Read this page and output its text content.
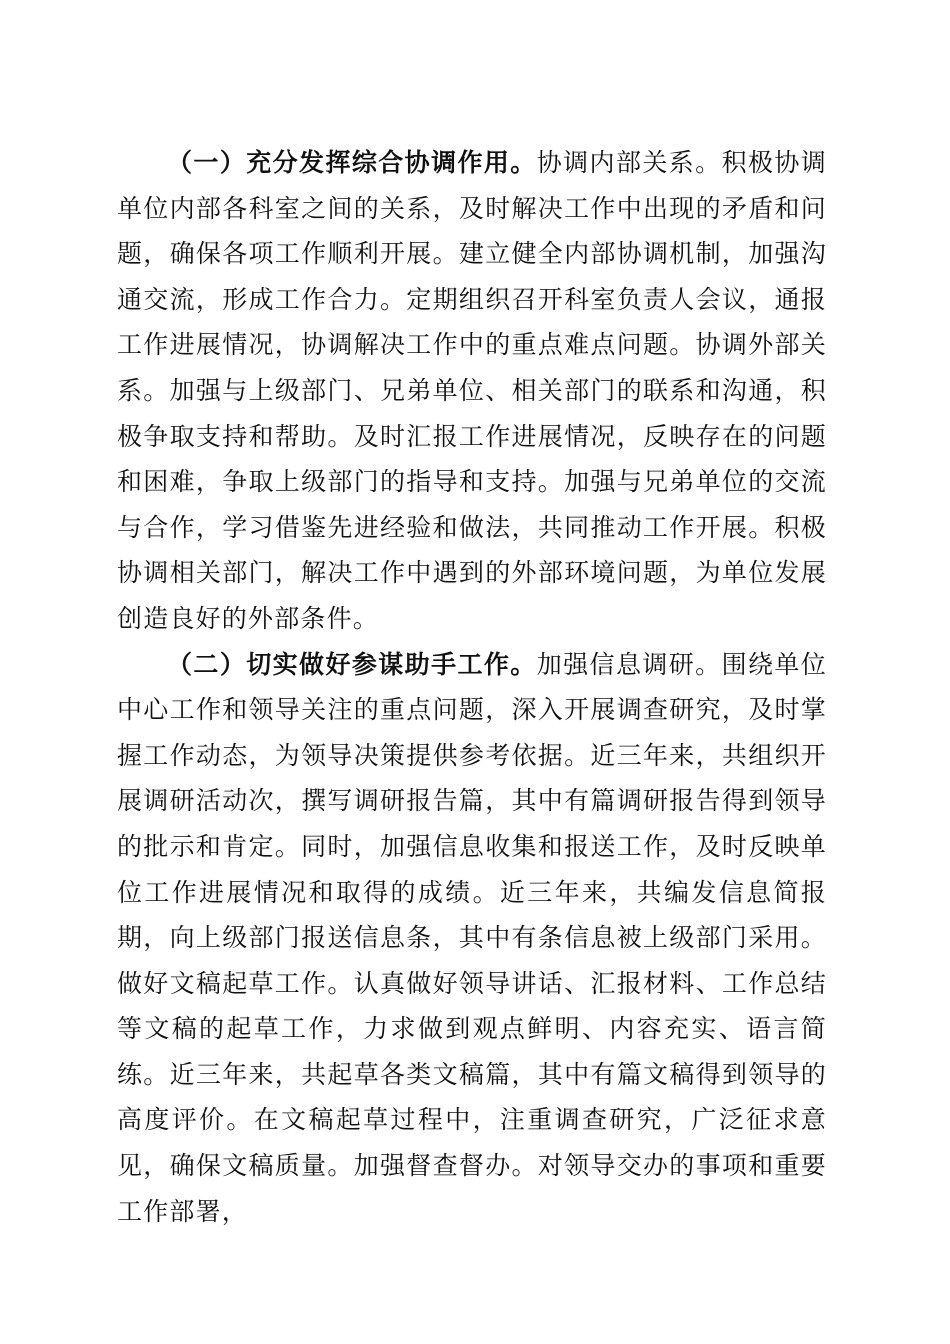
（一）充分发挥综合协调作用。协调内部关系。积极协调单位内部各科室之间的关系，及时解决工作中出现的矛盾和问题，确保各项工作顺利开展。建立健全内部协调机制，加强沟通交流，形成工作合力。定期组织召开科室负责人会议，通报工作进展情况，协调解决工作中的重点难点问题。协调外部关系。加强与上级部门、兄弟单位、相关部门的联系和沟通，积极争取支持和帮助。及时汇报工作进展情况，反映存在的问题和困难，争取上级部门的指导和支持。加强与兄弟单位的交流与合作，学习借鉴先进经验和做法，共同推动工作开展。积极协调相关部门，解决工作中遇到的外部环境问题，为单位发展创造良好的外部条件。

（二）切实做好参谋助手工作。加强信息调研。围绕单位中心工作和领导关注的重点问题，深入开展调查研究，及时掌握工作动态，为领导决策提供参考依据。近三年来，共组织开展调研活动次，撰写调研报告篇，其中有篇调研报告得到领导的批示和肯定。同时，加强信息收集和报送工作，及时反映单位工作进展情况和取得的成绩。近三年来，共编发信息简报期，向上级部门报送信息条，其中有条信息被上级部门采用。做好文稿起草工作。认真做好领导讲话、汇报材料、工作总结等文稿的起草工作，力求做到观点鲜明、内容充实、语言简练。近三年来，共起草各类文稿篇，其中有篇文稿得到领导的高度评价。在文稿起草过程中，注重调查研究，广泛征求意见，确保文稿质量。加强督查督办。对领导交办的事项和重要工作部署，
